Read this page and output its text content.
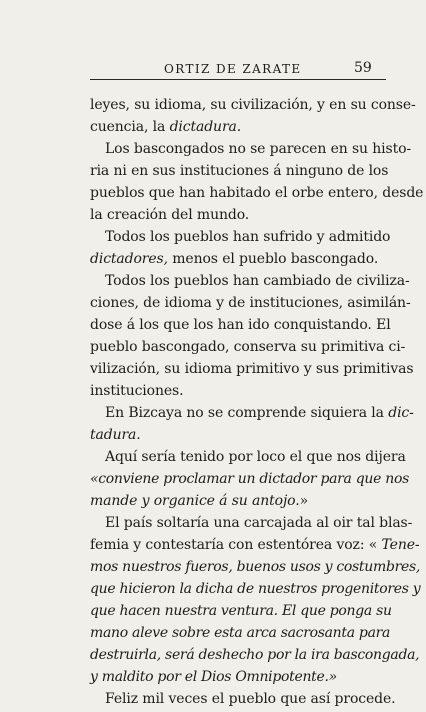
ORTIZ DE ZARATE	59
leyes, su idioma, su civilización, y en su conse-
cuencia, la dictadura.
Los bascongados no se parecen en su histo-
ria ni en sus instituciones á ninguno de los
pueblos que han habitado el orbe entero, desde
la creación del mundo.
Todos los pueblos han sufrido y admitido
dictadores, menos el pueblo bascongado.
Todos los pueblos han cambiado de civiliza-
ciones, de idioma y de instituciones, asimilán-
dose á los que los han ido conquistando. El
pueblo bascongado, conserva su primitiva ci-
vilización, su idioma primitivo y sus primitivas
instituciones.
En Bizcaya no se comprende siquiera la dic-
tadura.
Aquí sería tenido por loco el que nos dijera
«conviene proclamar un dictador para que nos
mande y organice á su antojo.»
El país soltaría una carcajada al oir tal blas-
femia y contestaría con estentórea voz: « Tene-
mos nuestros fueros, buenos usos y costumbres,
que hicieron la dicha de nuestros progenitores y
que hacen nuestra ventura. El que ponga su
mano aleve sobre esta arca sacrosanta para
destruirla, será deshecho por la ira bascongada,
y maldito por el Dios Omnipotente.»
Feliz mil veces el pueblo que así procede.
